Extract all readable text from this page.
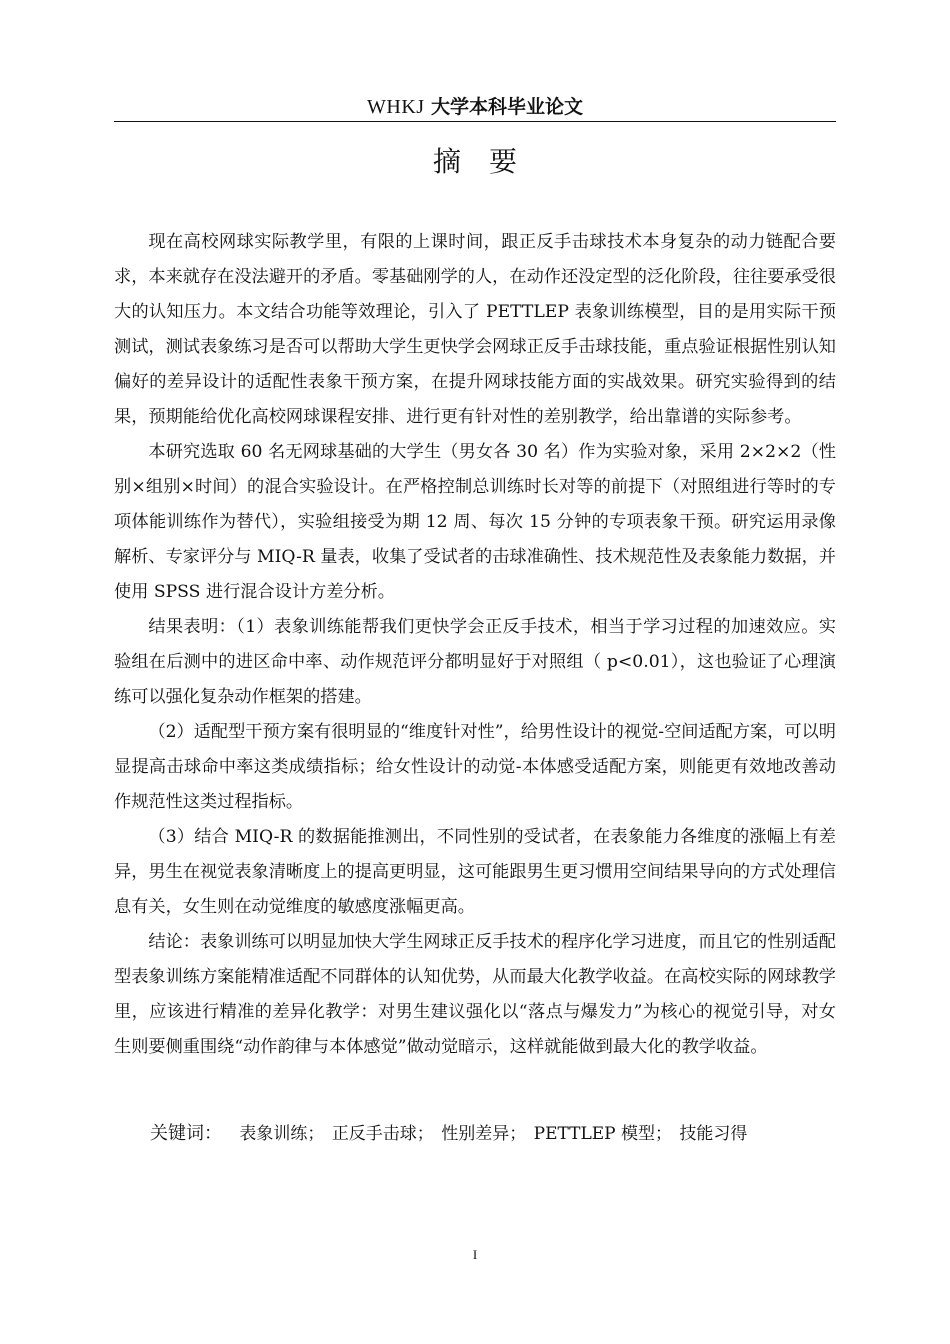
WHKJ 大学本科毕业论文
摘要

现在高校网球实际教学里，有限的上课时间，跟正反手击球技术本身复杂的动力链配合要求，本来就存在没法避开的矛盾。零基础刚学的人，在动作还没定型的泛化阶段，往往要承受很大的认知压力。本文结合功能等效理论，引入了 PETTLEP 表象训练模型，目的是用实际干预测试，测试表象练习是否可以帮助大学生更快学会网球正反手击球技能，重点验证根据性别认知偏好的差异设计的适配性表象干预方案，在提升网球技能方面的实战效果。研究实验得到的结果，预期能给优化高校网球课程安排、进行更有针对性的差别教学，给出靠谱的实际参考。

本研究选取 60 名无网球基础的大学生（男女各 30 名）作为实验对象，采用 2×2×2（性别×组别×时间）的混合实验设计。在严格控制总训练时长对等的前提下（对照组进行等时的专项体能训练作为替代），实验组接受为期 12 周、每次 15 分钟的专项表象干预。研究运用录像解析、专家评分与 MIQ-R 量表，收集了受试者的击球准确性、技术规范性及表象能力数据，并使用 SPSS 进行混合设计方差分析。

结果表明：（1）表象训练能帮我们更快学会正反手技术，相当于学习过程的加速效应。实验组在后测中的进区命中率、动作规范评分都明显好于对照组（ p<0.01），这也验证了心理演练可以强化复杂动作框架的搭建。

（2）适配型干预方案有很明显的“维度针对性”，给男性设计的视觉-空间适配方案，可以明显提高击球命中率这类成绩指标；给女性设计的动觉-本体感受适配方案，则能更有效地改善动作规范性这类过程指标。

（3）结合 MIQ-R 的数据能推测出，不同性别的受试者，在表象能力各维度的涨幅上有差异，男生在视觉表象清晰度上的提高更明显，这可能跟男生更习惯用空间结果导向的方式处理信息有关，女生则在动觉维度的敏感度涨幅更高。

结论：表象训练可以明显加快大学生网球正反手技术的程序化学习进度，而且它的性别适配型表象训练方案能精准适配不同群体的认知优势，从而最大化教学收益。在高校实际的网球教学里，应该进行精准的差异化教学：对男生建议强化以“落点与爆发力”为核心的视觉引导，对女生则要侧重围绕“动作韵律与本体感觉”做动觉暗示，这样就能做到最大化的教学收益。

关键词： 表象训练； 正反手击球； 性别差异； PETTLEP 模型； 技能习得
I
